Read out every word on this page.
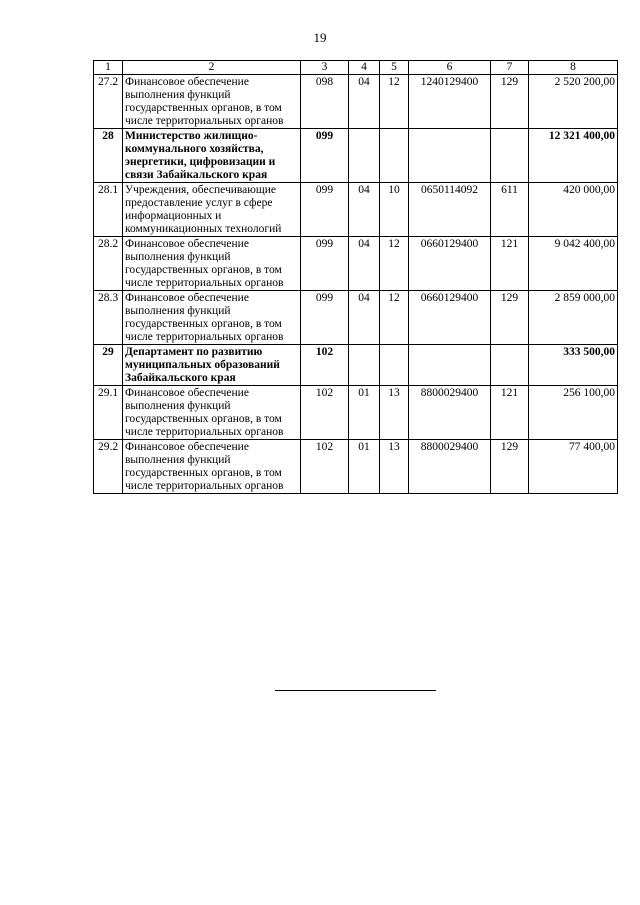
19
1	2	3	4	5	6	7	8
27.2	Финансовое обеспечение выполнения функций государственных органов, в том числе территориальных органов	098	04	12	1240129400	129	2 520 200,00
28	Министерство жилищно-коммунального хозяйства, энергетики, цифровизации и связи Забайкальского края	099					12 321 400,00
28.1	Учреждения, обеспечивающие предоставление услуг в сфере информационных и коммуникационных технологий	099	04	10	0650114092	611	420 000,00
28.2	Финансовое обеспечение выполнения функций государственных органов, в том числе территориальных органов	099	04	12	0660129400	121	9 042 400,00
28.3	Финансовое обеспечение выполнения функций государственных органов, в том числе территориальных органов	099	04	12	0660129400	129	2 859 000,00
29	Департамент по развитию муниципальных образований Забайкальского края	102					333 500,00
29.1	Финансовое обеспечение выполнения функций государственных органов, в том числе территориальных органов	102	01	13	8800029400	121	256 100,00
29.2	Финансовое обеспечение выполнения функций государственных органов, в том числе территориальных органов	102	01	13	8800029400	129	77 400,00
